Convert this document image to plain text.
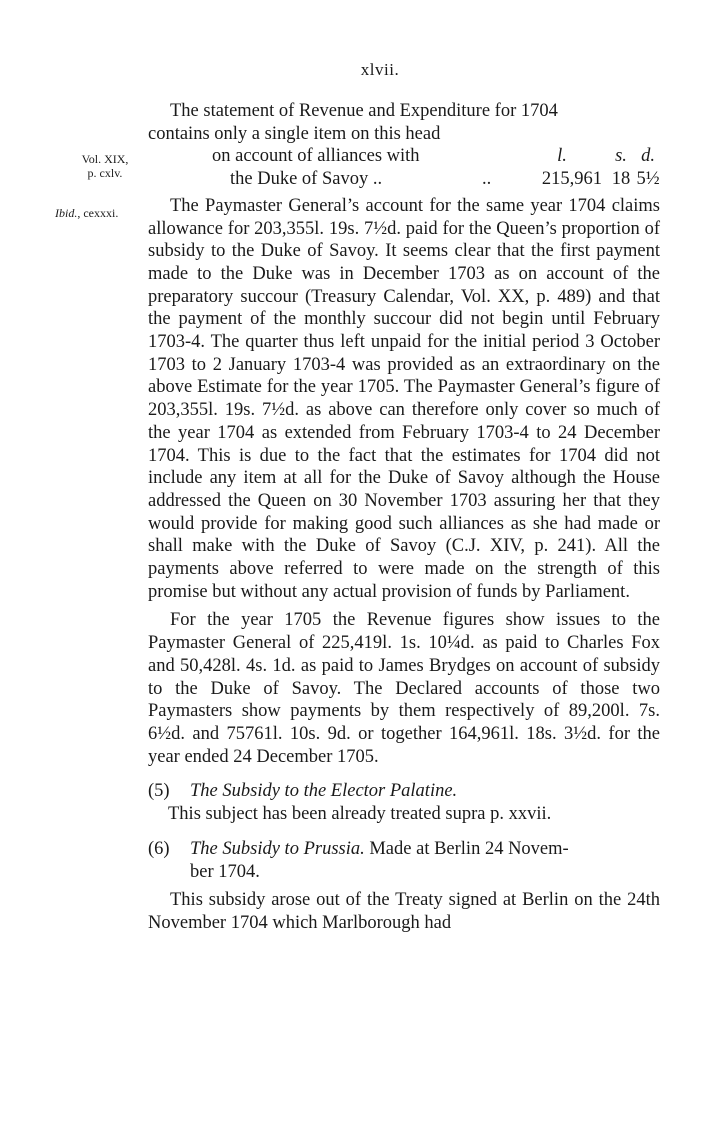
xlvii.
Vol. XIX,
p. cxlv.
Ibid., cexxxi.
The statement of Revenue and Expenditure for 1704
contains only a single item on this head
on account of alliances with	l.	s. d.
the Duke of Savoy ..	..	215,961 18 5½

The Paymaster General’s account for the same year 1704 claims allowance for 203,355l. 19s. 7½d. paid for the Queen’s proportion of subsidy to the Duke of Savoy. It seems clear that the first payment made to the Duke was in December 1703 as on account of the preparatory succour (Treasury Calendar, Vol. XX, p. 489) and that the payment of the monthly succour did not begin until February 1703-4. The quarter thus left unpaid for the initial period 3 October 1703 to 2 January 1703-4 was provided as an extraordinary on the above Estimate for the year 1705. The Paymaster General’s figure of 203,355l. 19s. 7½d. as above can therefore only cover so much of the year 1704 as extended from February 1703-4 to 24 December 1704. This is due to the fact that the estimates for 1704 did not include any item at all for the Duke of Savoy although the House addressed the Queen on 30 November 1703 assuring her that they would provide for making good such alliances as she had made or shall make with the Duke of Savoy (C.J. XIV, p. 241). All the payments above referred to were made on the strength of this promise but without any actual provision of funds by Parliament.

For the year 1705 the Revenue figures show issues to the Paymaster General of 225,419l. 1s. 10¼d. as paid to Charles Fox and 50,428l. 4s. 1d. as paid to James Brydges on account of subsidy to the Duke of Savoy. The Declared accounts of those two Paymasters show payments by them respectively of 89,200l. 7s. 6½d. and 75761l. 10s. 9d. or together 164,961l. 18s. 3½d. for the year ended 24 December 1705.

(5)	The Subsidy to the Elector Palatine.
This subject has been already treated supra p. xxvii.
(6)	The Subsidy to Prussia. Made at Berlin 24 Novem-
ber 1704.

This subsidy arose out of the Treaty signed at Berlin on the 24th November 1704 which Marlborough had
